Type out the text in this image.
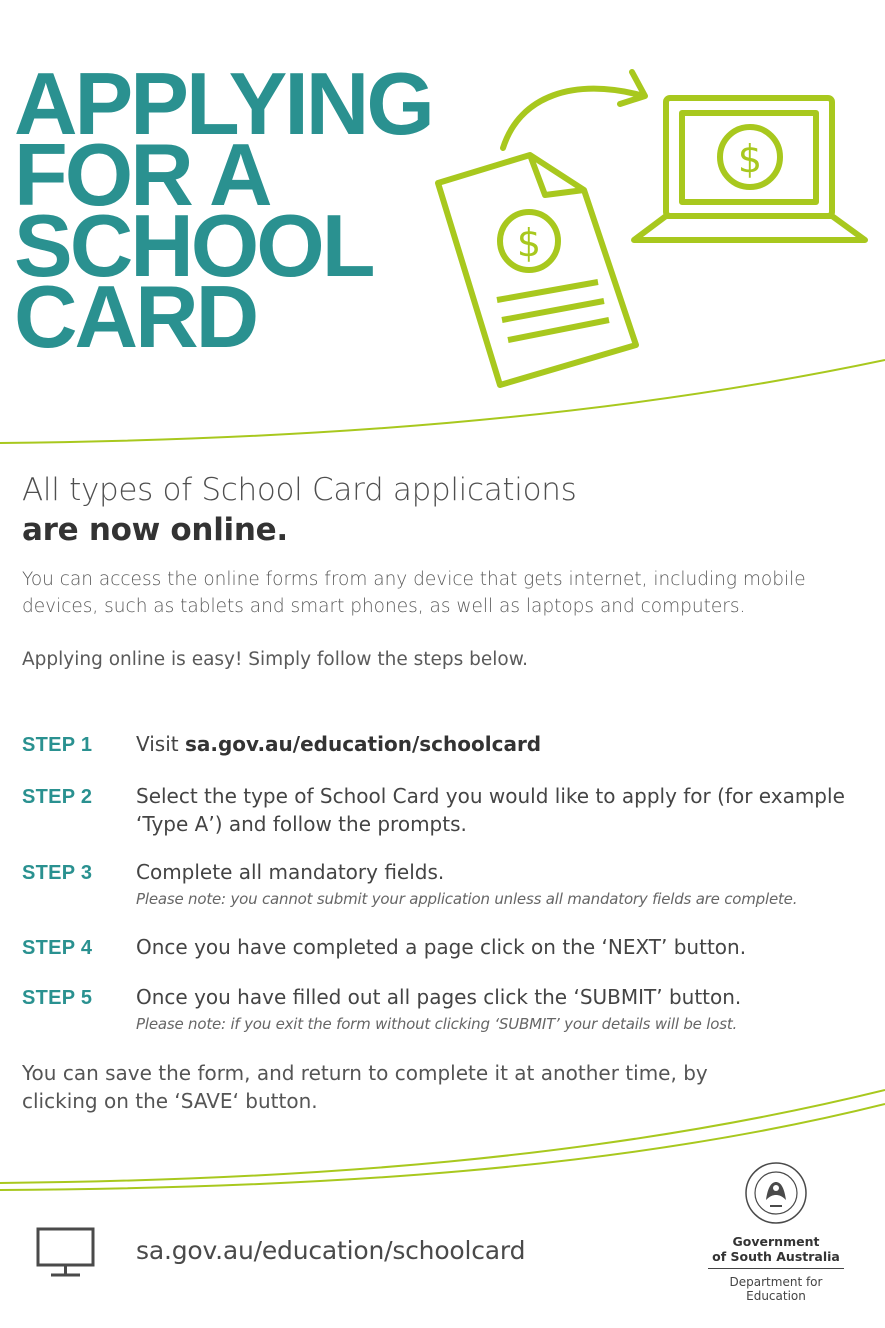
APPLYING
FOR A
SCHOOL
CARD
$
$

All types of School Card applications
are now online.

You can access the online forms from any device that gets internet, including mobile devices, such as tablets and smart phones, as well as laptops and computers.

Applying online is easy! Simply follow the steps below.

STEP 1 Visit sa.gov.au/education/schoolcard
STEP 2 Select the type of School Card you would like to apply for (for example ‘Type A’) and follow the prompts.
STEP 3 Complete all mandatory fields.
Please note: you cannot submit your application unless all mandatory fields are complete.
STEP 4 Once you have completed a page click on the ‘NEXT’ button.
STEP 5 Once you have filled out all pages click the ‘SUBMIT’ button.
Please note: if you exit the form without clicking ‘SUBMIT’ your details will be lost.

You can save the form, and return to complete it at another time, by clicking on the ‘SAVE‘ button.

sa.gov.au/education/schoolcard	Government
of South Australia
Department for Education
